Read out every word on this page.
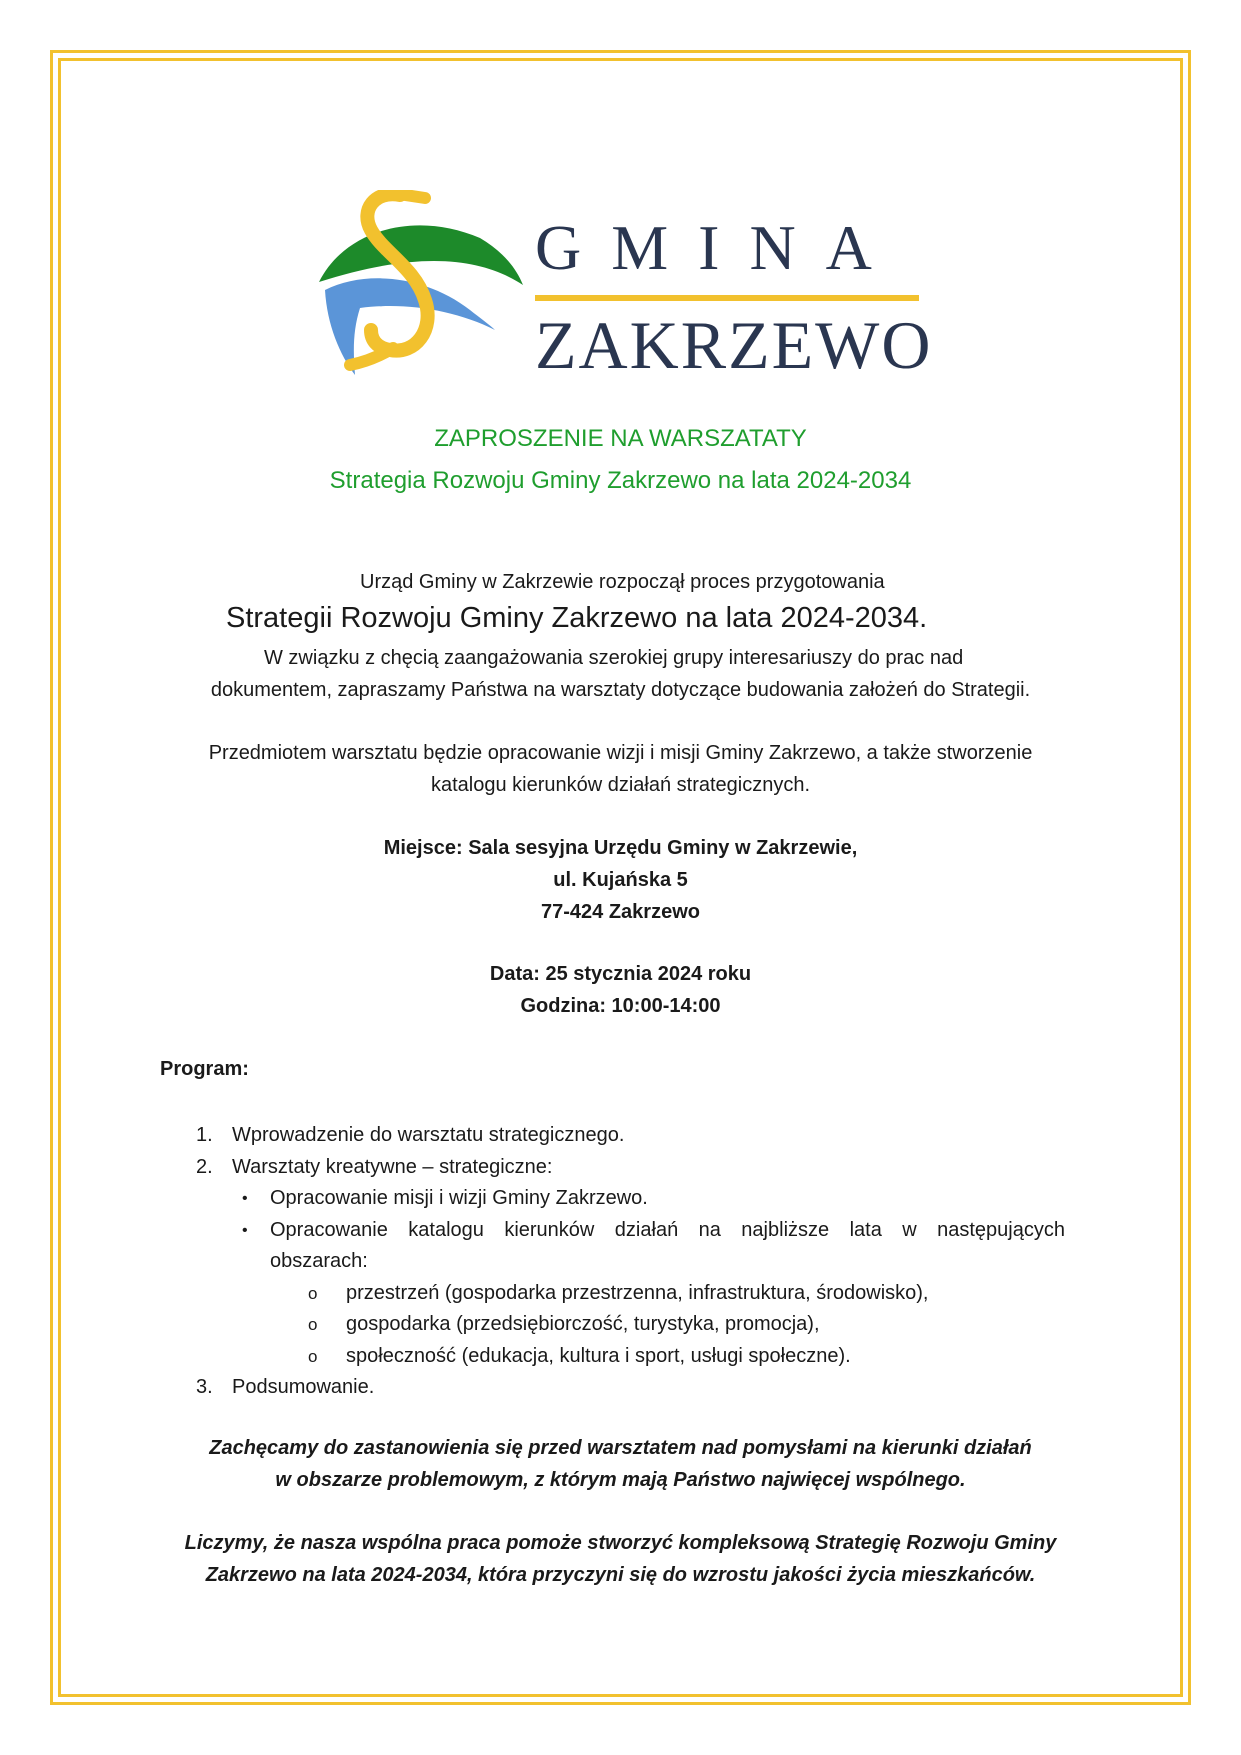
GMINA
ZAKRZEWO
ZAPROSZENIE NA WARSZATATY
Strategia Rozwoju Gminy Zakrzewo na lata 2024-2034
Urząd Gminy w Zakrzewie rozpoczął proces przygotowania
Strategii Rozwoju Gminy Zakrzewo na lata 2024-2034.
W związku z chęcią zaangażowania szerokiej grupy interesariuszy do prac nad
dokumentem, zapraszamy Państwa na warsztaty dotyczące budowania założeń do Strategii.
Przedmiotem warsztatu będzie opracowanie wizji i misji Gminy Zakrzewo, a także stworzenie
katalogu kierunków działań strategicznych.
Miejsce: Sala sesyjna Urzędu Gminy w Zakrzewie,
ul. Kujańska 5
77-424 Zakrzewo
Data: 25 stycznia 2024 roku
Godzina: 10:00-14:00
Program:
1. Wprowadzenie do warsztatu strategicznego.
2. Warsztaty kreatywne – strategiczne:
• Opracowanie misji i wizji Gminy Zakrzewo.
• Opracowanie katalogu kierunków działań na najbliższe lata w następujących
obszarach:
o przestrzeń (gospodarka przestrzenna, infrastruktura, środowisko),
o gospodarka (przedsiębiorczość, turystyka, promocja),
o społeczność (edukacja, kultura i sport, usługi społeczne).
3. Podsumowanie.
Zachęcamy do zastanowienia się przed warsztatem nad pomysłami na kierunki działań
w obszarze problemowym, z którym mają Państwo najwięcej wspólnego.
Liczymy, że nasza wspólna praca pomoże stworzyć kompleksową Strategię Rozwoju Gminy
Zakrzewo na lata 2024-2034, która przyczyni się do wzrostu jakości życia mieszkańców.
